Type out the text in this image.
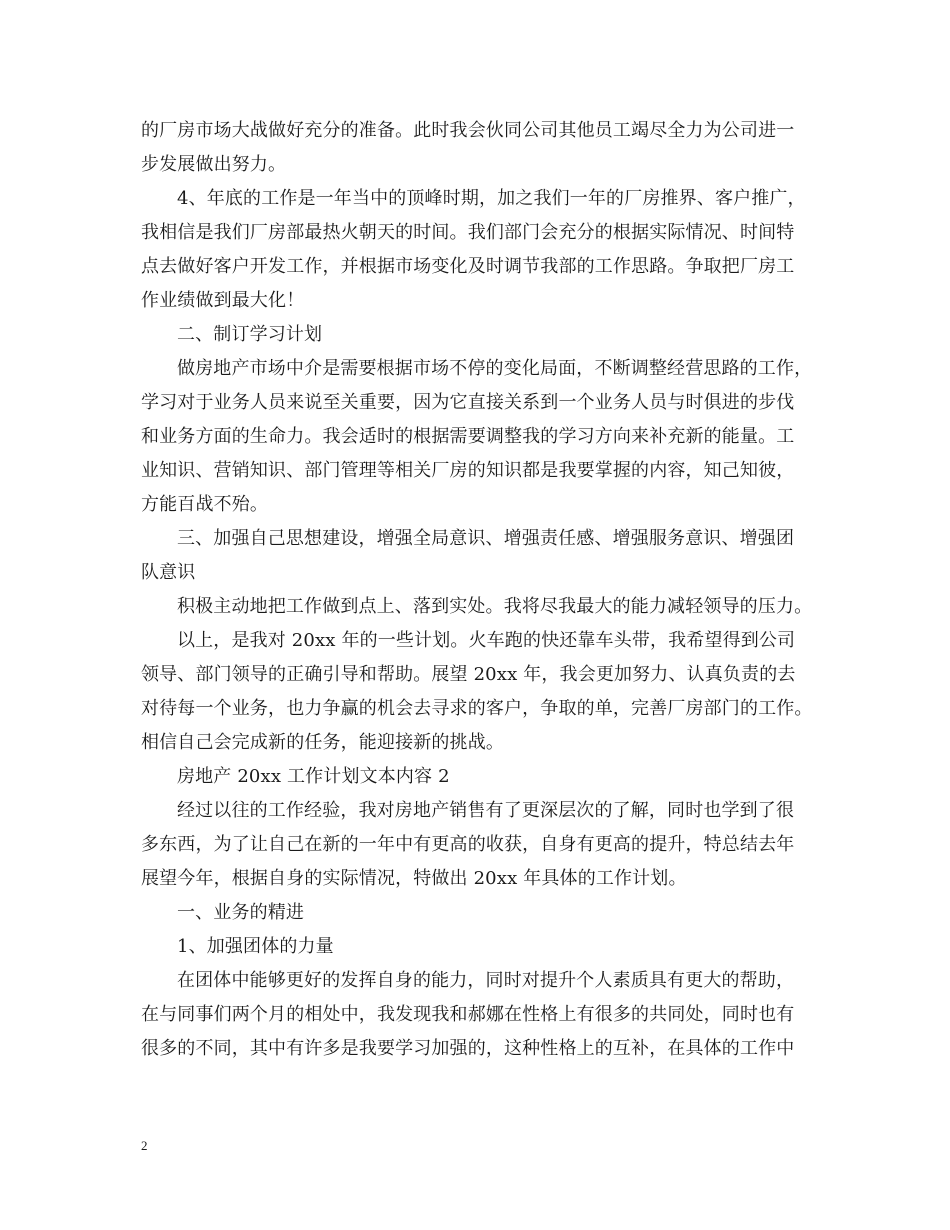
的厂房市场大战做好充分的准备。此时我会伙同公司其他员工竭尽全力为公司进一
步发展做出努力。
4、年底的工作是一年当中的顶峰时期，加之我们一年的厂房推界、客户推广，
我相信是我们厂房部最热火朝天的时间。我们部门会充分的根据实际情况、时间特
点去做好客户开发工作，并根据市场变化及时调节我部的工作思路。争取把厂房工
作业绩做到最大化！
二、制订学习计划
做房地产市场中介是需要根据市场不停的变化局面，不断调整经营思路的工作，
学习对于业务人员来说至关重要，因为它直接关系到一个业务人员与时俱进的步伐
和业务方面的生命力。我会适时的根据需要调整我的学习方向来补充新的能量。工
业知识、营销知识、部门管理等相关厂房的知识都是我要掌握的内容，知己知彼，
方能百战不殆。
三、加强自己思想建设，增强全局意识、增强责任感、增强服务意识、增强团
队意识
积极主动地把工作做到点上、落到实处。我将尽我最大的能力减轻领导的压力。
以上，是我对 20xx 年的一些计划。火车跑的快还靠车头带，我希望得到公司
领导、部门领导的正确引导和帮助。展望 20xx 年，我会更加努力、认真负责的去
对待每一个业务，也力争赢的机会去寻求的客户，争取的单，完善厂房部门的工作。
相信自己会完成新的任务，能迎接新的挑战。
房地产 20xx 工作计划文本内容 2
经过以往的工作经验，我对房地产销售有了更深层次的了解，同时也学到了很
多东西，为了让自己在新的一年中有更高的收获，自身有更高的提升，特总结去年
展望今年，根据自身的实际情况，特做出 20xx 年具体的工作计划。
一、业务的精进
1、加强团体的力量
在团体中能够更好的发挥自身的能力，同时对提升个人素质具有更大的帮助，
在与同事们两个月的相处中，我发现我和郝娜在性格上有很多的共同处，同时也有
很多的不同，其中有许多是我要学习加强的，这种性格上的互补，在具体的工作中
2
